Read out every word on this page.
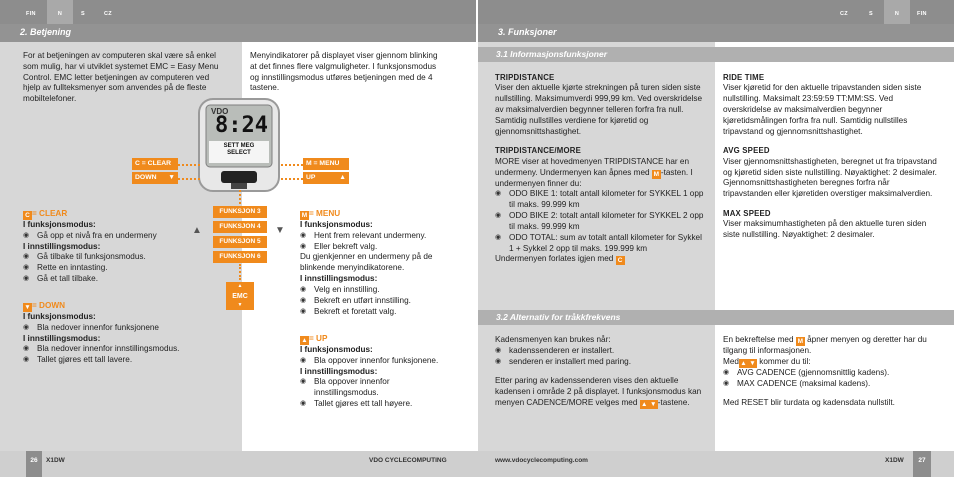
FIN	N	S	CZ	CZ	S	N	FIN
2. Betjening
For at betjeningen av computeren skal være så enkel som mulig, har vi utviklet systemet EMC = Easy Menu Control. EMC letter betjeningen av computeren ved hjelp av fullteksmenyer som anvendes på de fleste mobiltelefoner.
Menyindikatorer på displayet viser gjennom blinking at det finnes flere valgmuligheter. I funksjonsmodus og innstillingsmodus utføres betjeningen med de 4 tastene.
VDO
8:24
SETT MEG SELECT
C = CLEAR
DOWN ▼
M = MENU
UP	▲
FUNKSJON 3
FUNKSJON 4
FUNKSJON 5
FUNKSJON 6
▲	▼
EMC
▲
▼

C = CLEAR

I funksjonsmodus:

◉ Gå opp et nivå fra en undermeny

I innstillingsmodus:

◉ Gå tilbake til funksjonsmodus.
◉ Rette en inntasting.
◉ Gå et tall tilbake.

▼= DOWN

I funksjonsmodus:

◉ Bla nedover innenfor funksjonene

I innstillingsmodus:

◉ Bla nedover innenfor innstillingsmodus.
◉ Tallet gjøres ett tall lavere.

M = MENU

I funksjonsmodus:

◉ Hent frem relevant undermeny.
◉ Eller bekreft valg.

Du gjenkjenner en undermeny på de blinkende menyindikatorene.

I innstillingsmodus:

◉ Velg en innstilling.
◉ Bekreft en utført innstilling.
◉ Bekreft et foretatt valg.

▲= UP

I funksjonsmodus:

◉ Bla oppover innenfor funksjonene.

I innstillingsmodus:

◉ Bla oppover innenfor innstillingsmodus.
◉ Tallet gjøres ett tall høyere.
3. Funksjoner
3.1 Informasjonsfunksjoner

TRIPDISTANCE

Viser den aktuelle kjørte strekningen på turen siden siste nullstilling. Maksimumverdi 999,99 km. Ved overskridelse av maksimalverdien begynner telleren forfra fra null. Samtidig nullstilles verdiene for kjøretid og gjennomsnittshastighet.

TRIPDISTANCE/MORE

MORE viser at hovedmenyen TRIPDISTANCE har en undermeny. Undermenyen kan åpnes med M -tasten. I undermenyen finner du:

◉ ODO BIKE 1: totalt antall kilometer for SYKKEL 1 opp til maks. 99.999 km
◉ ODO BIKE 2: totalt antall kilometer for SYKKEL 2 opp til maks. 99.999 km
◉ ODO TOTAL: sum av totalt antall kilometer for Sykkel 1 + Sykkel 2 opp til maks. 199.999 km

Undermenyen forlates igjen med C

RIDE TIME

Viser kjøretid for den aktuelle tripavstanden siden siste nullstilling. Maksimalt 23:59:59 TT:MM:SS. Ved overskridelse av maksimalverdien begynner kjøretidsmålingen forfra fra null. Samtidig nullstilles tripavstand og gjennomsnittshastighet.

AVG SPEED

Viser gjennomsnittshastigheten, beregnet ut fra tripavstand og kjøretid siden siste nullstilling. Nøyaktighet: 2 desimaler. Gjennomsnittshastigheten beregnes forfra når tripavstanden eller kjøretiden overstiger maksimalverdien.

MAX SPEED

Viser maksimumhastigheten på den aktuelle turen siden siste nullstilling. Nøyaktighet: 2 desimaler.

3.2 Alternativ for tråkkfrekvens

Kadensmenyen kan brukes når:

◉ kadenssenderen er installert.
◉ senderen er installert med paring.

Etter paring av kadenssenderen vises den aktuelle kadensen i område 2 på displayet. I funksjonsmodus kan menyen CADENCE/MORE velges med ▲ ▼-tastene.

En bekreftelse med M åpner menyen og deretter har du tilgang til informasjonen.

Med▲ ▼ kommer du til:

◉ AVG CADENCE (gjennomsnittlig kadens).
◉ MAX CADENCE (maksimal kadens).

Med RESET blir turdata og kadensdata nullstilt.

26	X1DW	VDO CYCLECOMPUTING	www.vdocyclecomputing.com	X1DW	27
